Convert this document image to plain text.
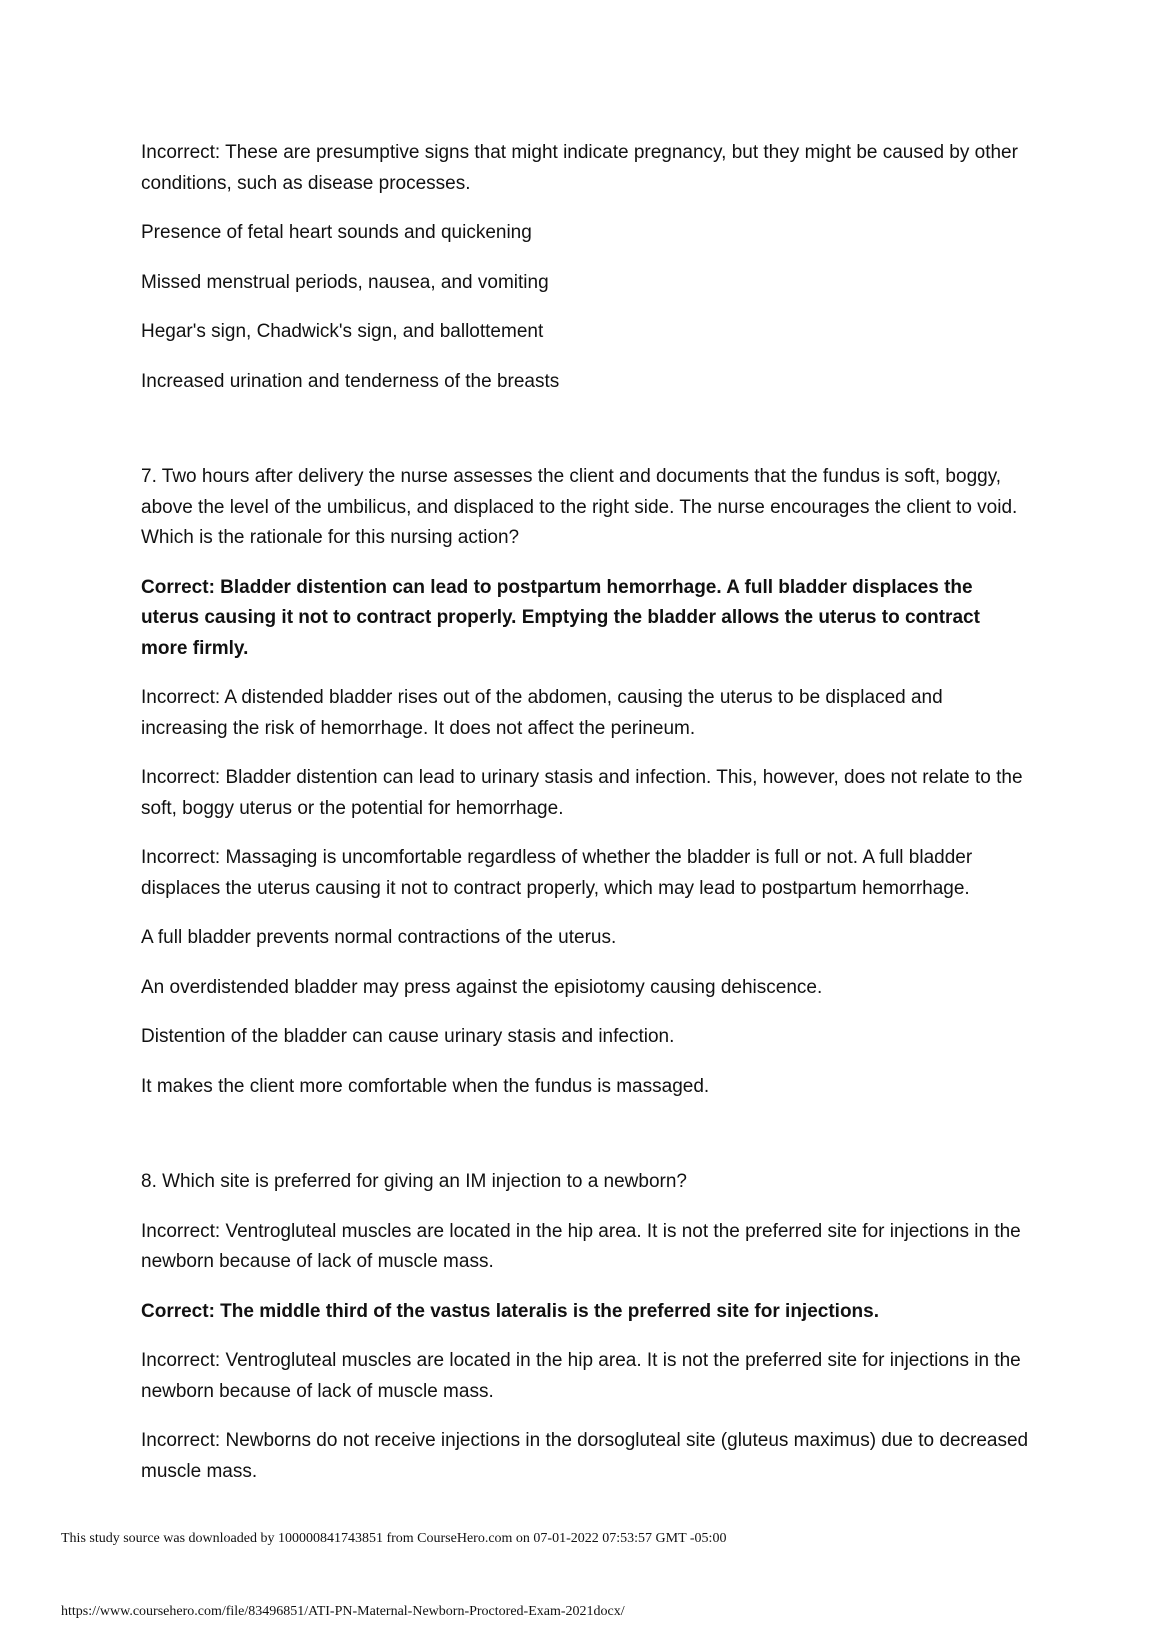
Incorrect: These are presumptive signs that might indicate pregnancy, but they might be caused by other conditions, such as disease processes.

Presence of fetal heart sounds and quickening

Missed menstrual periods, nausea, and vomiting

Hegar's sign, Chadwick's sign, and ballottement

Increased urination and tenderness of the breasts

7. Two hours after delivery the nurse assesses the client and documents that the fundus is soft, boggy, above the level of the umbilicus, and displaced to the right side. The nurse encourages the client to void. Which is the rationale for this nursing action?

Correct: Bladder distention can lead to postpartum hemorrhage. A full bladder displaces the uterus causing it not to contract properly. Emptying the bladder allows the uterus to contract more firmly.

Incorrect: A distended bladder rises out of the abdomen, causing the uterus to be displaced and increasing the risk of hemorrhage. It does not affect the perineum.

Incorrect: Bladder distention can lead to urinary stasis and infection. This, however, does not relate to the soft, boggy uterus or the potential for hemorrhage.

Incorrect: Massaging is uncomfortable regardless of whether the bladder is full or not. A full bladder displaces the uterus causing it not to contract properly, which may lead to postpartum hemorrhage.

A full bladder prevents normal contractions of the uterus.

An overdistended bladder may press against the episiotomy causing dehiscence.

Distention of the bladder can cause urinary stasis and infection.

It makes the client more comfortable when the fundus is massaged.

8. Which site is preferred for giving an IM injection to a newborn?

Incorrect: Ventrogluteal muscles are located in the hip area. It is not the preferred site for injections in the newborn because of lack of muscle mass.

Correct: The middle third of the vastus lateralis is the preferred site for injections.

Incorrect: Ventrogluteal muscles are located in the hip area. It is not the preferred site for injections in the newborn because of lack of muscle mass.

Incorrect: Newborns do not receive injections in the dorsogluteal site (gluteus maximus) due to decreased muscle mass.

This study source was downloaded by 100000841743851 from CourseHero.com on 07-01-2022 07:53:57 GMT -05:00
https://www.coursehero.com/file/83496851/ATI-PN-Maternal-Newborn-Proctored-Exam-2021docx/
